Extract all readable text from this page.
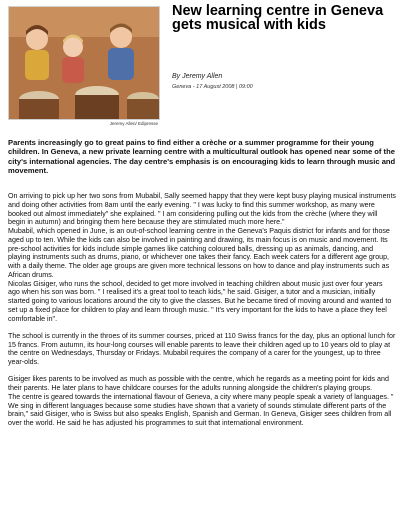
Jeremy Allen/ Edipresse
New learning centre in Geneva gets musical with kids
By Jeremy Allen
Geneva - 17 August 2008 | 09:00

Parents increasingly go to great pains to find either a crèche or a summer programme for their young children. In Geneva, a new private learning centre with a multicultural outlook has opened near some of the city's international agencies. The day centre's emphasis is on encouraging kids to learn through music and movement.

On arriving to pick up her two sons from Mubabil, Sally seemed happy that they were kept busy playing musical instruments and doing other activities from 8am until the early evening. " I was lucky to find this summer workshop, as many were booked out almost immediately" she explained. " I am considering pulling out the kids from the crèche (where they will begin in autumn) and bringing them here because they are stimulated much more here."

Mubabil, which opened in June, is an out-of-school learning centre in the Geneva's Paquis district for infants and for those aged up to ten. While the kids can also be involved in painting and drawing, its main focus is on music and movement. Its pre-school activities for kids include simple games like catching coloured balls, dressing up as animals, dancing, and playing instruments such as drums, piano, or whichever one takes their fancy. Each week caters for a different age group, with a daily theme. The older age groups are given more technical lessons on how to dance and play instruments such as African drums.

Nicolas Gisiger, who runs the school, decided to get more involved in teaching children about music just over four years ago when his son was born. " I realised it's a great tool to teach kids," he said. Gisiger, a tutor and a musician, initially started going to various locations around the city to give the classes. But he became tired of moving around and wanted to set up a fixed place for children to play and learn through music. " It's very important for the kids to have a place they feel comfortable in".

The school is currently in the throes of its summer courses, priced at 110 Swiss francs for the day, plus an optional lunch for 15 francs. From autumn, its hour-long courses will enable parents to leave their children aged up to 10 years old to play at the centre on Wednesdays, Thursday or Fridays. Mubabil requires the company of a carer for the youngest, up to three year-olds.

Gisiger likes parents to be involved as much as possible with the centre, which he regards as a meeting point for kids and their parents. He later plans to have childcare courses for the adults running alongside the children's playing groups.

The centre is geared towards the international flavour of Geneva, a city where many people speak a variety of languages. " We sing in different languages because some studies have shown that a variety of sounds stimulate different parts of the brain," said Gisiger, who is Swiss but also speaks English, Spanish and German. In Geneva, Gisiger sees children from all over the world. He said he has adjusted his programmes to suit that international environment.
